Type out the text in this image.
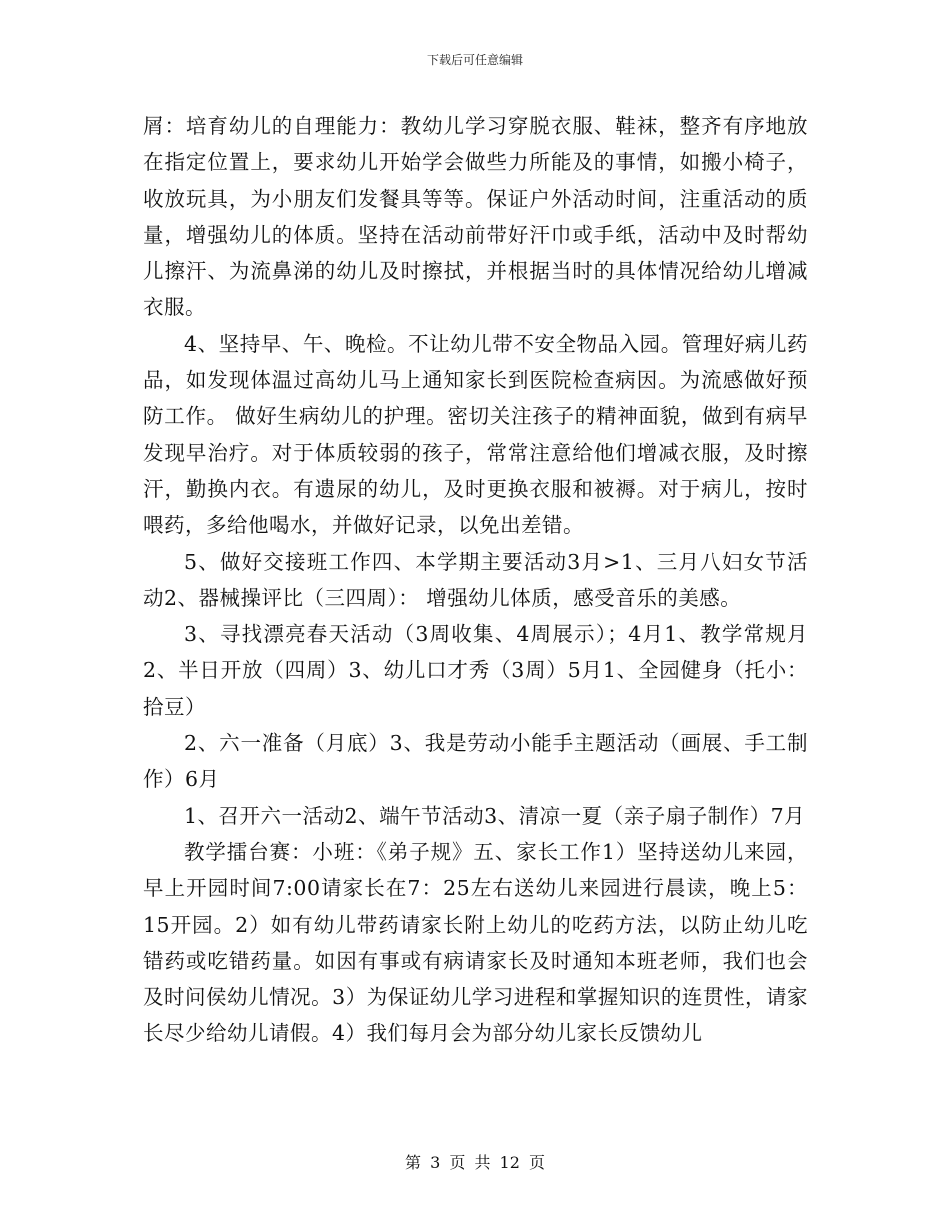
下载后可任意编辑

屑：培育幼儿的自理能力：教幼儿学习穿脱衣服、鞋袜，整齐有序地放在指定位置上，要求幼儿开始学会做些力所能及的事情，如搬小椅子，收放玩具，为小朋友们发餐具等等。保证户外活动时间，注重活动的质量，增强幼儿的体质。坚持在活动前带好汗巾或手纸，活动中及时帮幼儿擦汗、为流鼻涕的幼儿及时擦拭，并根据当时的具体情况给幼儿增减衣服。

4、坚持早、午、晚检。不让幼儿带不安全物品入园。管理好病儿药品，如发现体温过高幼儿马上通知家长到医院检查病因。为流感做好预防工作。 做好生病幼儿的护理。密切关注孩子的精神面貌，做到有病早发现早治疗。对于体质较弱的孩子，常常注意给他们增减衣服，及时擦汗，勤换内衣。有遗尿的幼儿，及时更换衣服和被褥。对于病儿，按时喂药，多给他喝水，并做好记录，以免出差错。

5、做好交接班工作四、本学期主要活动3月>1、三月八妇女节活动2、器械操评比（三四周）： 增强幼儿体质，感受音乐的美感。

3、寻找漂亮春天活动（3周收集、4周展示）；4月1、教学常规月2、半日开放（四周）3、幼儿口才秀（3周）5月1、全园健身（托小：拾豆）

2、六一准备（月底）3、我是劳动小能手主题活动（画展、手工制作）6月

1、召开六一活动2、端午节活动3、清凉一夏（亲子扇子制作）7月

教学擂台赛：小班：《弟子规》五、家长工作1）坚持送幼儿来园，早上开园时间7:00请家长在7：25左右送幼儿来园进行晨读，晚上5：15开园。2）如有幼儿带药请家长附上幼儿的吃药方法，以防止幼儿吃错药或吃错药量。如因有事或有病请家长及时通知本班老师，我们也会及时问侯幼儿情况。3）为保证幼儿学习进程和掌握知识的连贯性，请家长尽少给幼儿请假。4）我们每月会为部分幼儿家长反馈幼儿

第 3 页 共 12 页
